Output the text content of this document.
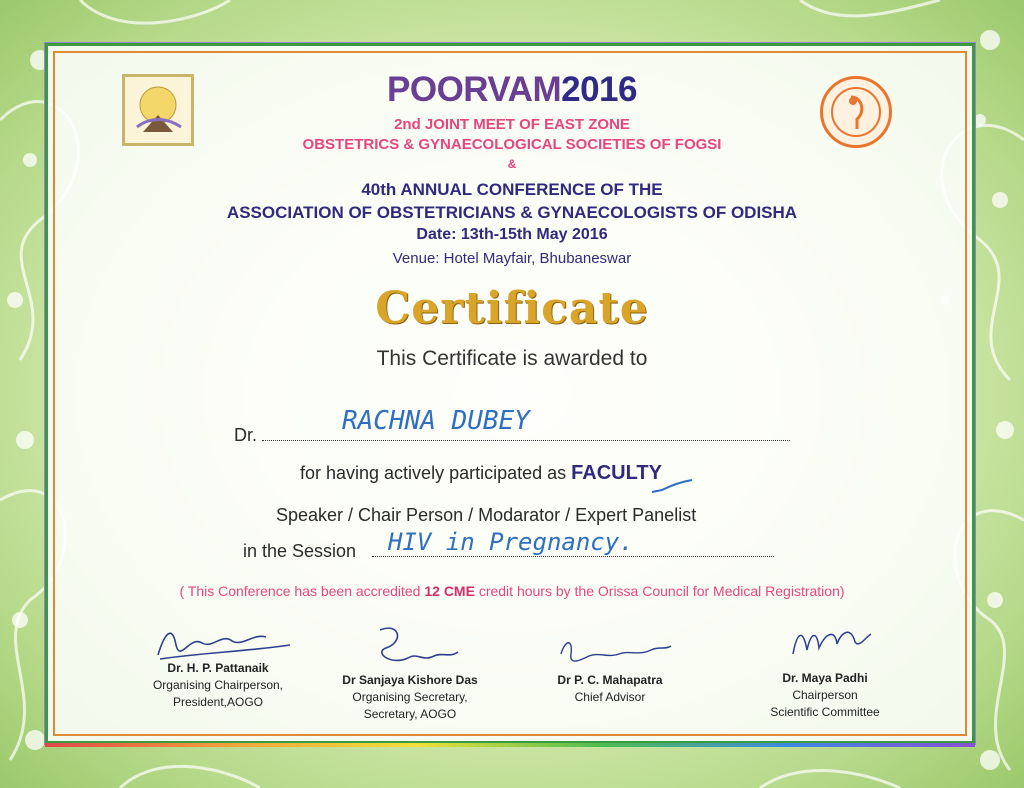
POORVAM2016
2nd JOINT MEET OF EAST ZONE
OBSTETRICS & GYNAECOLOGICAL SOCIETIES OF FOGSI
&
40th ANNUAL CONFERENCE OF THE
ASSOCIATION OF OBSTETRICIANS & GYNAECOLOGISTS OF ODISHA
Date: 13th-15th May 2016
Venue: Hotel Mayfair, Bhubaneswar
Certificate
This Certificate is awarded to
Dr.	RACHNA DUBEY
for having actively participated as FACULTY
Speaker / Chair Person / Modarator / Expert Panelist
in the Session HIV in Pregnancy.
( This Conference has been accredited 12 CME credit hours by the Orissa Council for Medical Registration)
Dr. H. P. Pattanaik
Organising Chairperson,
President,AOGO
Dr Sanjaya Kishore Das
Organising Secretary,
Secretary, AOGO
Dr P. C. Mahapatra
Chief Advisor
Dr. Maya Padhi
Chairperson
Scientific Committee
